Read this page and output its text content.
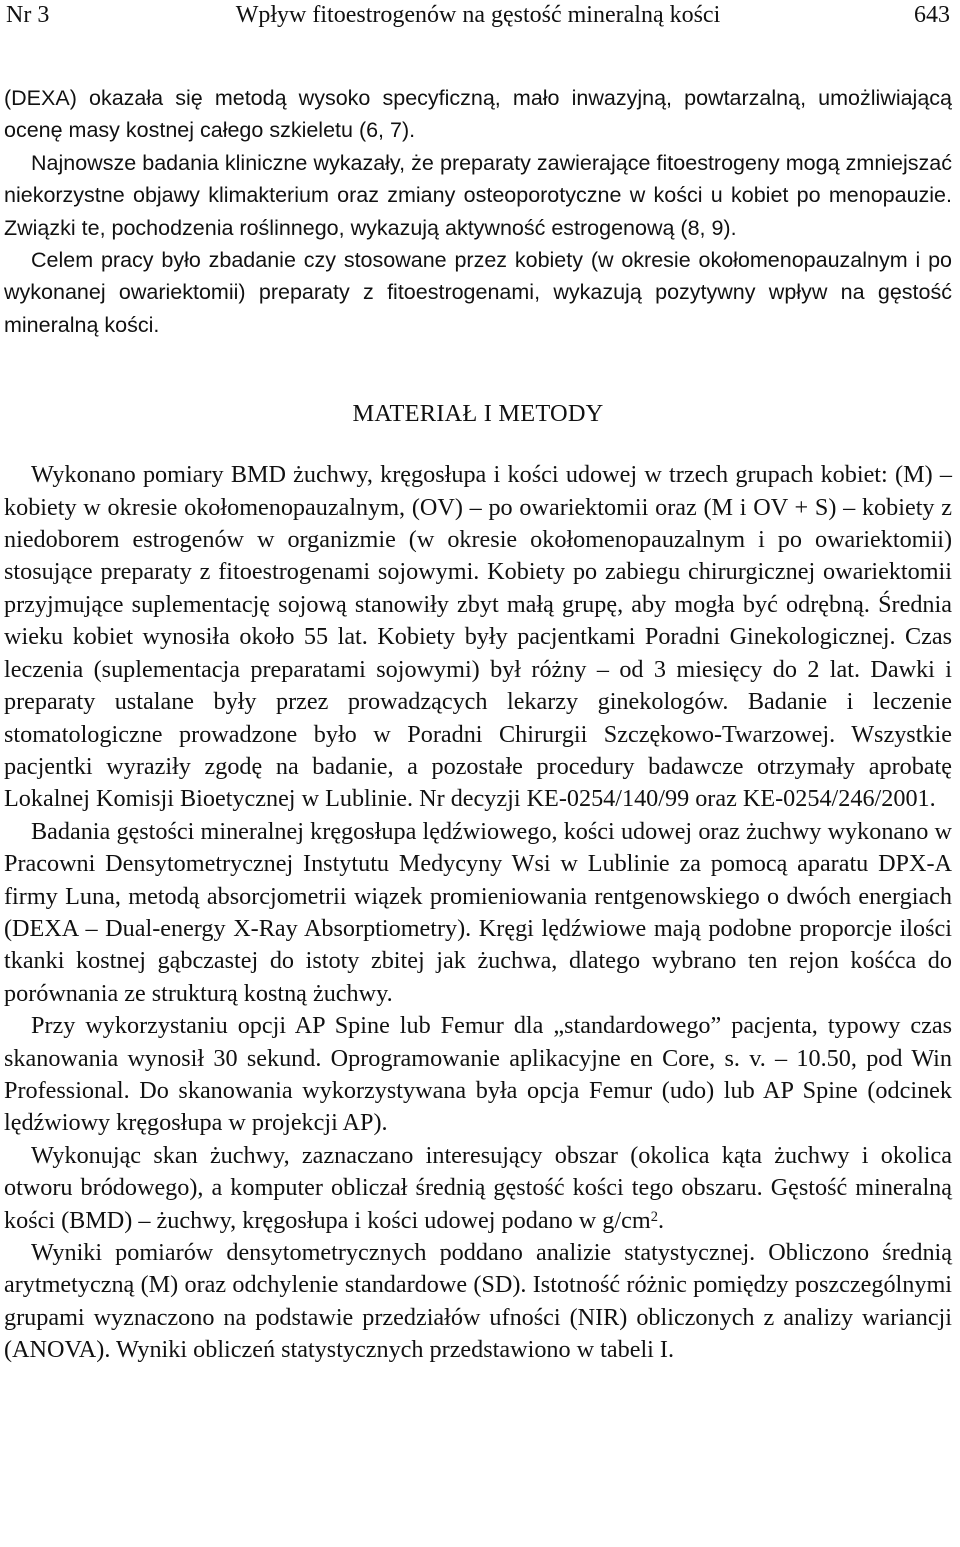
Nr 3	Wpływ fitoestrogenów na gęstość mineralną kości	643

(DEXA) okazała się metodą wysoko specyficzną, mało inwazyjną, powtarzalną, umożliwiającą ocenę masy kostnej całego szkieletu (6, 7).

Najnowsze badania kliniczne wykazały, że preparaty zawierające fitoestrogeny mogą zmniejszać niekorzystne objawy klimakterium oraz zmiany osteoporotyczne w kości u kobiet po menopauzie. Związki te, pochodzenia roślinnego, wykazują aktywność estrogenową (8, 9).

Celem pracy było zbadanie czy stosowane przez kobiety (w okresie okołomenopauzalnym i po wykonanej owariektomii) preparaty z fitoestrogenami, wykazują pozytywny wpływ na gęstość mineralną kości.

MATERIAŁ I METODY

Wykonano pomiary BMD żuchwy, kręgosłupa i kości udowej w trzech grupach kobiet: (M) – kobiety w okresie okołomenopauzalnym, (OV) – po owariektomii oraz (M i OV + S) – kobiety z niedoborem estrogenów w organizmie (w okresie okołomenopauzalnym i po owariektomii) stosujące preparaty z fitoestrogenami sojowymi. Kobiety po zabiegu chirurgicznej owariektomii przyjmujące suplementację sojową stanowiły zbyt małą grupę, aby mogła być odrębną. Średnia wieku kobiet wynosiła około 55 lat. Kobiety były pacjentkami Poradni Ginekologicznej. Czas leczenia (suplementacja preparatami sojowymi) był różny – od 3 miesięcy do 2 lat. Dawki i preparaty ustalane były przez prowadzących lekarzy ginekologów. Badanie i leczenie stomatologiczne prowadzone było w Poradni Chirurgii Szczękowo-Twarzowej. Wszystkie pacjentki wyraziły zgodę na badanie, a pozostałe procedury badawcze otrzymały aprobatę Lokalnej Komisji Bioetycznej w Lublinie. Nr decyzji KE-0254/140/99 oraz KE-0254/246/2001.

Badania gęstości mineralnej kręgosłupa lędźwiowego, kości udowej oraz żuchwy wykonano w Pracowni Densytometrycznej Instytutu Medycyny Wsi w Lublinie za pomocą aparatu DPX-A firmy Luna, metodą absorcjometrii wiązek promieniowania rentgenowskiego o dwóch energiach (DEXA – Dual-energy X-Ray Absorptiometry). Kręgi lędźwiowe mają podobne proporcje ilości tkanki kostnej gąbczastej do istoty zbitej jak żuchwa, dlatego wybrano ten rejon kośćca do porównania ze strukturą kostną żuchwy.

Przy wykorzystaniu opcji AP Spine lub Femur dla „standardowego” pacjenta, typowy czas skanowania wynosił 30 sekund. Oprogramowanie aplikacyjne en Core, s. v. – 10.50, pod Win Professional. Do skanowania wykorzystywana była opcja Femur (udo) lub AP Spine (odcinek lędźwiowy kręgosłupa w projekcji AP).

Wykonując skan żuchwy, zaznaczano interesujący obszar (okolica kąta żuchwy i okolica otworu bródowego), a komputer obliczał średnią gęstość kości tego obszaru. Gęstość mineralną kości (BMD) – żuchwy, kręgosłupa i kości udowej podano w $g/cm^2$.

Wyniki pomiarów densytometrycznych poddano analizie statystycznej. Obliczono średnią arytmetyczną (M) oraz odchylenie standardowe (SD). Istotność różnic pomiędzy poszczególnymi grupami wyznaczono na podstawie przedziałów ufności (NIR) obliczonych z analizy wariancji (ANOVA). Wyniki obliczeń statystycznych przedstawiono w tabeli I.
